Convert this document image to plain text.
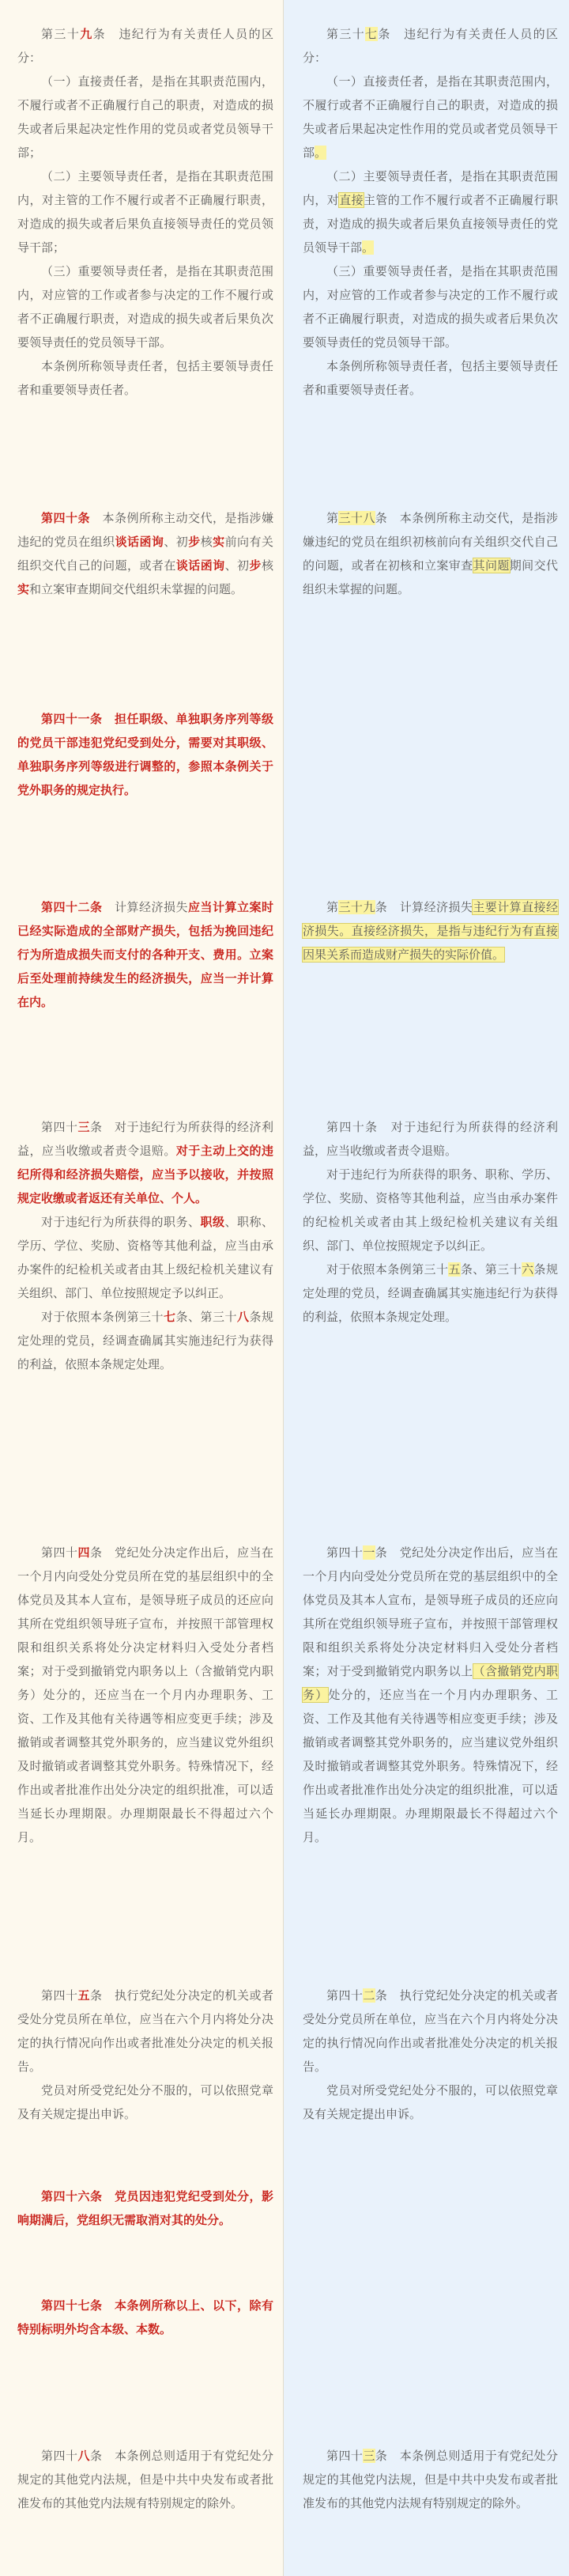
第三十九条　 违纪行为有关责任人员的区分：

（一）直接责任者，是指在其职责范围内，不履行或者不正确履行自己的职责，对造成的损失或者后果起决定性作用的党员或者党员领导干部；

（二）主要领导责任者，是指在其职责范围内，对主管的工作不履行或者不正确履行职责，对造成的损失或者后果负直接领导责任的党员领导干部；

（三）重要领导责任者，是指在其职责范围内，对应管的工作或者参与决定的工作不履行或者不正确履行职责，对造成的损失或者后果负次要领导责任的党员领导干部。

本条例所称领导责任者，包括主要领导责任者和重要领导责任者。

第四十条　 本条例所称主动交代，是指涉嫌违纪的党员在组织谈话函询、初步核实前向有关组织交代自己的问题，或者在谈话函询、初步核实和立案审查期间交代组织未掌握的问题。

第四十一条　担任职级、单独职务序列等级的党员干部违犯党纪受到处分，需要对其职级、单独职务序列等级进行调整的，参照本条例关于党外职务的规定执行。

第四十二条　 计算经济损失应当计算立案时已经实际造成的全部财产损失，包括为挽回违纪行为所造成损失而支付的各种开支、费用。立案后至处理前持续发生的经济损失，应当一并计算在内。

第四十三条　 对于违纪行为所获得的经济利益，应当收缴或者责令退赔。对于主动上交的违纪所得和经济损失赔偿，应当予以接收，并按照规定收缴或者返还有关单位、个人。

对于违纪行为所获得的职务、职级、职称、学历、学位、奖励、资格等其他利益，应当由承办案件的纪检机关或者由其上级纪检机关建议有关组织、部门、单位按照规定予以纠正。

对于依照本条例第三十七条、第三十八条规定处理的党员，经调查确属其实施违纪行为获得的利益，依照本条规定处理。

第四十四条　 党纪处分决定作出后，应当在一个月内向受处分党员所在党的基层组织中的全体党员及其本人宣布，是领导班子成员的还应向其所在党组织领导班子宣布，并按照干部管理权限和组织关系将处分决定材料归入受处分者档案；对于受到撤销党内职务以上（含撤销党内职务）处分的，还应当在一个月内办理职务、工资、工作及其他有关待遇等相应变更手续；涉及撤销或者调整其党外职务的，应当建议党外组织及时撤销或者调整其党外职务。特殊情况下，经作出或者批准作出处分决定的组织批准，可以适当延长办理期限。办理期限最长不得超过六个月。

第四十五条　 执行党纪处分决定的机关或者受处分党员所在单位，应当在六个月内将处分决定的执行情况向作出或者批准处分决定的机关报告。

党员对所受党纪处分不服的，可以依照党章及有关规定提出申诉。

第四十六条　党员因违犯党纪受到处分，影响期满后，党组织无需取消对其的处分。

第四十七条　本条例所称以上、以下，除有特别标明外均含本级、本数。

第四十八条　 本条例总则适用于有党纪处分规定的其他党内法规，但是中共中央发布或者批准发布的其他党内法规有特别规定的除外。

第三十七条　 违纪行为有关责任人员的区分：

（一）直接责任者，是指在其职责范围内，不履行或者不正确履行自己的职责，对造成的损失或者后果起决定性作用的党员或者党员领导干部。

（二）主要领导责任者，是指在其职责范围内，对直接主管的工作不履行或者不正确履行职责，对造成的损失或者后果负直接领导责任的党员领导干部。

（三）重要领导责任者，是指在其职责范围内，对应管的工作或者参与决定的工作不履行或者不正确履行职责，对造成的损失或者后果负次要领导责任的党员领导干部。

本条例所称领导责任者，包括主要领导责任者和重要领导责任者。

第三十八条　 本条例所称主动交代，是指涉嫌违纪的党员在组织初核前向有关组织交代自己的问题，或者在初核和立案审查其问题期间交代组织未掌握的问题。

第三十九条　 计算经济损失主要计算直接经济损失。直接经济损失，是指与违纪行为有直接因果关系而造成财产损失的实际价值。

第四十条　 对于违纪行为所获得的经济利益，应当收缴或者责令退赔。

对于违纪行为所获得的职务、职称、学历、学位、奖励、资格等其他利益，应当由承办案件的纪检机关或者由其上级纪检机关建议有关组织、部门、单位按照规定予以纠正。

对于依照本条例第三十五条、第三十六条规定处理的党员，经调查确属其实施违纪行为获得的利益，依照本条规定处理。

第四十一条　 党纪处分决定作出后，应当在一个月内向受处分党员所在党的基层组织中的全体党员及其本人宣布，是领导班子成员的还应向其所在党组织领导班子宣布，并按照干部管理权限和组织关系将处分决定材料归入受处分者档案；对于受到撤销党内职务以上（含撤销党内职务）处分的，还应当在一个月内办理职务、工资、工作及其他有关待遇等相应变更手续；涉及撤销或者调整其党外职务的，应当建议党外组织及时撤销或者调整其党外职务。特殊情况下，经作出或者批准作出处分决定的组织批准，可以适当延长办理期限。办理期限最长不得超过六个月。

第四十二条　 执行党纪处分决定的机关或者受处分党员所在单位，应当在六个月内将处分决定的执行情况向作出或者批准处分决定的机关报告。

党员对所受党纪处分不服的，可以依照党章及有关规定提出申诉。

第四十三条　 本条例总则适用于有党纪处分规定的其他党内法规，但是中共中央发布或者批准发布的其他党内法规有特别规定的除外。
